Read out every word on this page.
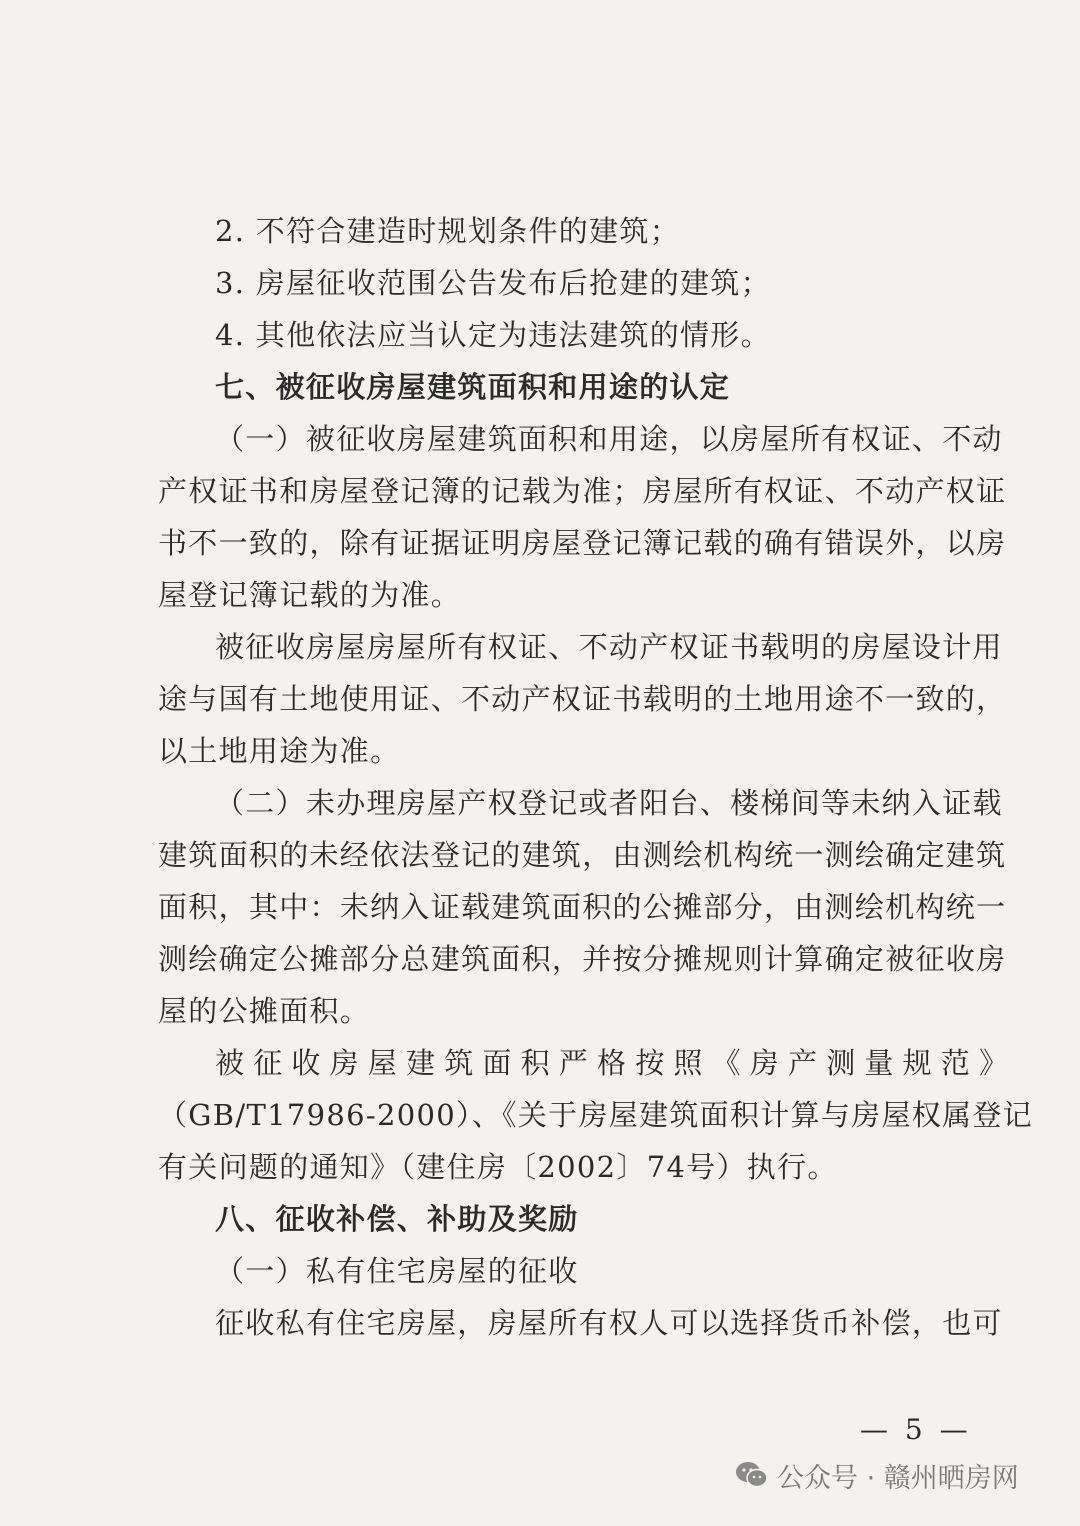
2. 不符合建造时规划条件的建筑；
3. 房屋征收范围公告发布后抢建的建筑；
4. 其他依法应当认定为违法建筑的情形。
七、被征收房屋建筑面积和用途的认定
（一）被征收房屋建筑面积和用途，以房屋所有权证、不动
产权证书和房屋登记簿的记载为准；房屋所有权证、不动产权证
书不一致的，除有证据证明房屋登记簿记载的确有错误外，以房
屋登记簿记载的为准。
被征收房屋房屋所有权证、不动产权证书载明的房屋设计用
途与国有土地使用证、不动产权证书载明的土地用途不一致的，
以土地用途为准。
（二）未办理房屋产权登记或者阳台、楼梯间等未纳入证载
建筑面积的未经依法登记的建筑，由测绘机构统一测绘确定建筑
面积，其中：未纳入证载建筑面积的公摊部分，由测绘机构统一
测绘确定公摊部分总建筑面积，并按分摊规则计算确定被征收房
屋的公摊面积。
被征收房屋建筑面积严格按照《房产测量规范》
（GB/T17986-2000）、《关于房屋建筑面积计算与房屋权属登记
有关问题的通知》（建住房〔2002〕74号）执行。
八、征收补偿、补助及奖励
（一）私有住宅房屋的征收
征收私有住宅房屋，房屋所有权人可以选择货币补偿，也可
— 5 —
公众号 · 赣州晒房网
